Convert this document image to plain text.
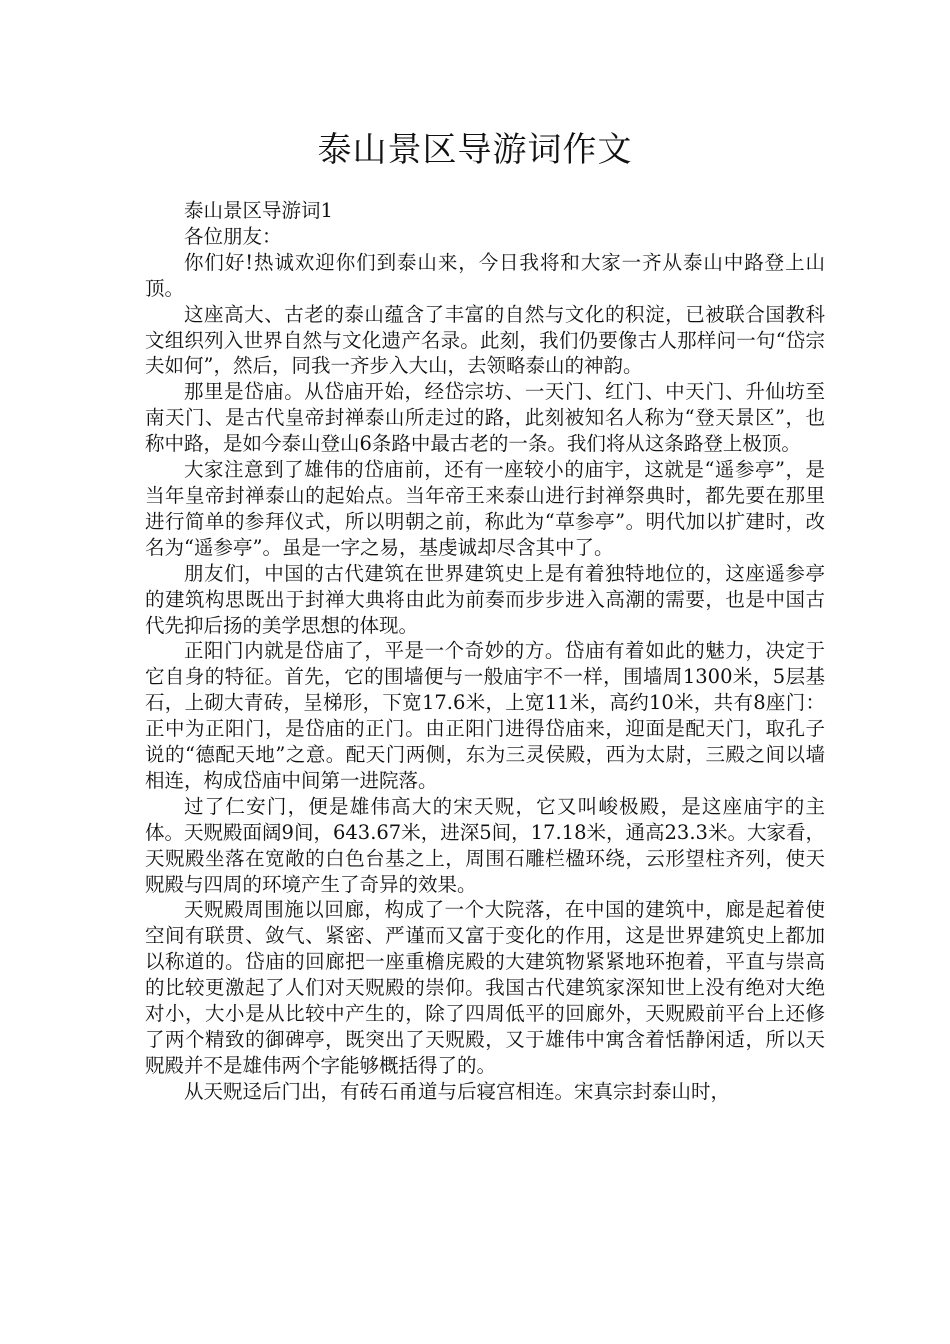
泰山景区导游词作文

泰山景区导游词1

各位朋友：

你们好!热诚欢迎你们到泰山来，今日我将和大家一齐从泰山中路登上山顶。

这座高大、古老的泰山蕴含了丰富的自然与文化的积淀，已被联合国教科文组织列入世界自然与文化遗产名录。此刻，我们仍要像古人那样问一句“岱宗夫如何”，然后，同我一齐步入大山，去领略泰山的神韵。

那里是岱庙。从岱庙开始，经岱宗坊、一天门、红门、中天门、升仙坊至南天门、是古代皇帝封禅泰山所走过的路，此刻被知名人称为“登天景区”，也称中路，是如今泰山登山6条路中最古老的一条。我们将从这条路登上极顶。

大家注意到了雄伟的岱庙前，还有一座较小的庙宇，这就是“遥参亭”，是当年皇帝封禅泰山的起始点。当年帝王来泰山进行封禅祭典时，都先要在那里进行简单的参拜仪式，所以明朝之前，称此为“草参亭”。明代加以扩建时，改名为“遥参亭”。虽是一字之易，基虔诚却尽含其中了。

朋友们，中国的古代建筑在世界建筑史上是有着独特地位的，这座遥参亭的建筑构思既出于封禅大典将由此为前奏而步步进入高潮的需要，也是中国古代先抑后扬的美学思想的体现。

正阳门内就是岱庙了，平是一个奇妙的方。岱庙有着如此的魅力，决定于它自身的特征。首先，它的围墙便与一般庙宇不一样，围墙周1300米，5层基石，上砌大青砖，呈梯形，下宽17.6米，上宽11米，高约10米，共有8座门：正中为正阳门，是岱庙的正门。由正阳门进得岱庙来，迎面是配天门，取孔子说的“德配天地”之意。配天门两侧，东为三灵侯殿，西为太尉，三殿之间以墙相连，构成岱庙中间第一进院落。

过了仁安门，便是雄伟高大的宋天贶，它又叫峻极殿，是这座庙宇的主体。天贶殿面阔9间，643.67米，进深5间，17.18米，通高23.3米。大家看，天贶殿坐落在宽敞的白色台基之上，周围石雕栏楹环绕，云形望柱齐列，使天贶殿与四周的环境产生了奇异的效果。

天贶殿周围施以回廊，构成了一个大院落，在中国的建筑中，廊是起着使空间有联贯、敛气、紧密、严谨而又富于变化的作用，这是世界建筑史上都加以称道的。岱庙的回廊把一座重檐庑殿的大建筑物紧紧地环抱着，平直与崇高的比较更激起了人们对天贶殿的崇仰。我国古代建筑家深知世上没有绝对大绝对小，大小是从比较中产生的，除了四周低平的回廊外，天贶殿前平台上还修了两个精致的御碑亭，既突出了天贶殿，又于雄伟中寓含着恬静闲适，所以天贶殿并不是雄伟两个字能够概括得了的。

从天贶迳后门出，有砖石甬道与后寝宫相连。宋真宗封泰山时，
